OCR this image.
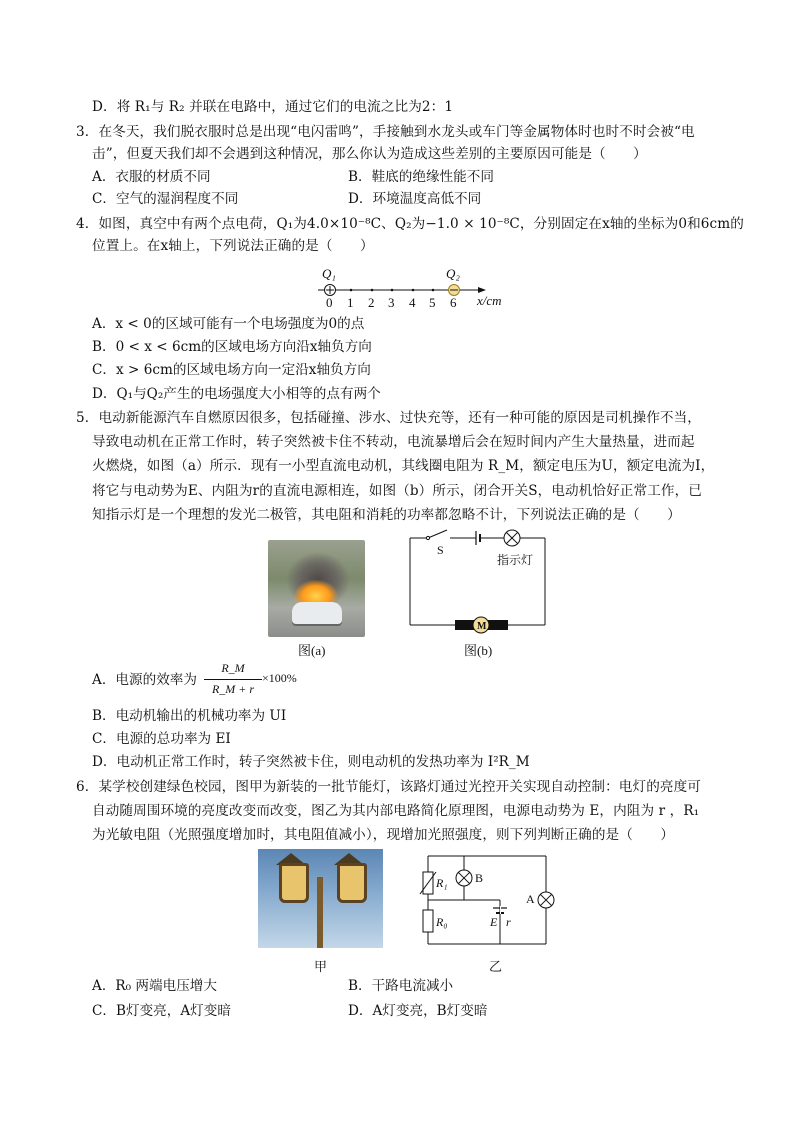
D．将 R₁与 R₂ 并联在电路中，通过它们的电流之比为2：1
3．在冬天，我们脱衣服时总是出现“电闪雷鸣”，手接触到水龙头或车门等金属物体时也时不时会被“电
击”，但夏天我们却不会遇到这种情况，那么你认为造成这些差别的主要原因可能是（　　）
A．衣服的材质不同	B．鞋底的绝缘性能不同
C．空气的湿润程度不同	D．环境温度高低不同
4．如图，真空中有两个点电荷，Q₁为4.0×10⁻⁸C、Q₂为−1.0 × 10⁻⁸C，分别固定在x轴的坐标为0和6cm的
位置上。在x轴上，下列说法正确的是（　　）
Q₁	Q₂
0 1 2 3 4 5 6 x/cm
A．x < 0的区域可能有一个电场强度为0的点
B．0 < x < 6cm的区域电场方向沿x轴负方向
C．x > 6cm的区域电场方向一定沿x轴负方向
D．Q₁与Q₂产生的电场强度大小相等的点有两个
5．电动新能源汽车自燃原因很多，包括碰撞、涉水、过快充等，还有一种可能的原因是司机操作不当，
导致电动机在正常工作时，转子突然被卡住不转动，电流暴增后会在短时间内产生大量热量，进而起
火燃烧，如图（a）所示．现有一小型直流电动机，其线圈电阻为 R_M，额定电压为U，额定电流为I，
将它与电动势为E、内阻为r的直流电源相连，如图（b）所示，闭合开关S，电动机恰好正常工作，已
知指示灯是一个理想的发光二极管，其电阻和消耗的功率都忽略不计，下列说法正确的是（　　）
图(a)
S
M
指示灯
图(b)
A．电源的效率为
R_M
R_M + r
×100%
B．电动机输出的机械功率为 UI
C．电源的总功率为 EI
D．电动机正常工作时，转子突然被卡住，则电动机的发热功率为 I²R_M
6．某学校创建绿色校园，图甲为新装的一批节能灯，该路灯通过光控开关实现自动控制：电灯的亮度可
自动随周围环境的亮度改变而改变，图乙为其内部电路简化原理图，电源电动势为 E，内阻为 r ，R₁
为光敏电阻（光照强度增加时，其电阻值减小），现增加光照强度，则下列判断正确的是（　　）
甲
R₁
R₀
B
A
E r
乙
A．R₀ 两端电压增大	B．干路电流减小
C．B灯变亮，A灯变暗	D．A灯变亮，B灯变暗
